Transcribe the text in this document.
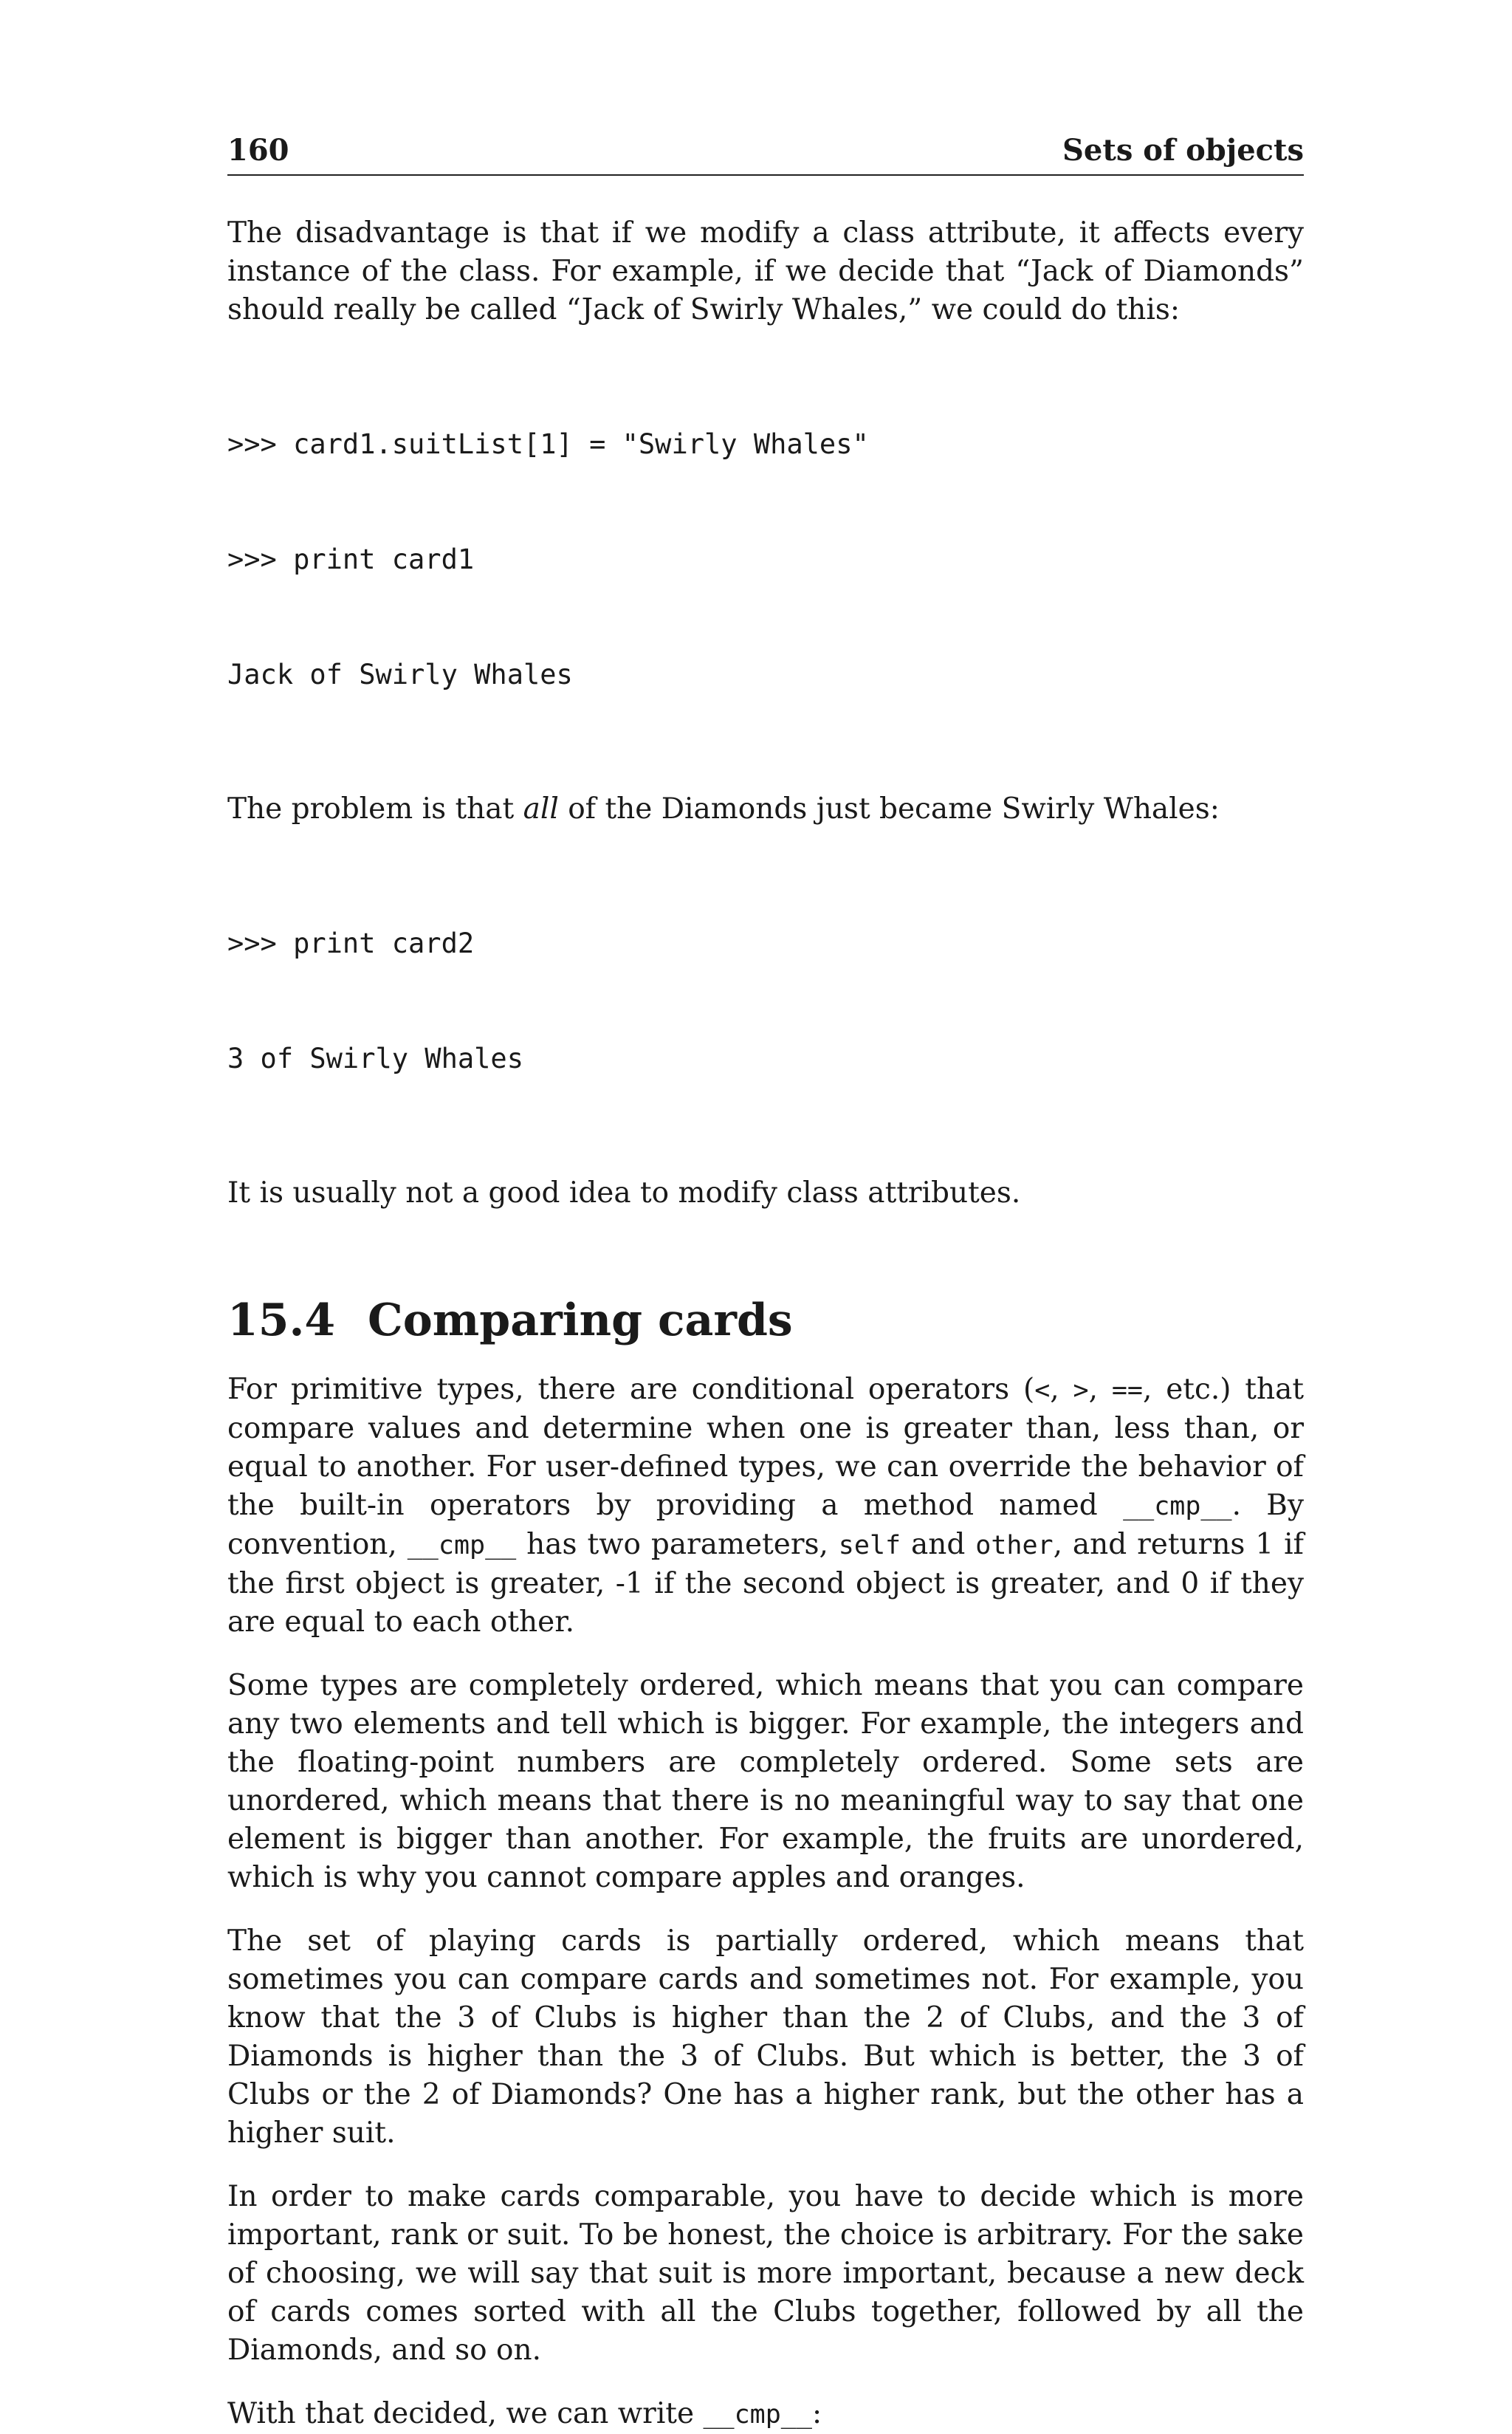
160	Sets of objects

The disadvantage is that if we modify a class attribute, it affects every instance of the class. For example, if we decide that “Jack of Diamonds” should really be called “Jack of Swirly Whales,” we could do this:

>>> card1.suitList[1] = "Swirly Whales"

>>> print card1

Jack of Swirly Whales

The problem is that all of the Diamonds just became Swirly Whales:

>>> print card2

3 of Swirly Whales

It is usually not a good idea to modify class attributes.

15.4 Comparing cards

For primitive types, there are conditional operators (<, >, ==, etc.) that compare values and determine when one is greater than, less than, or equal to another. For user-defined types, we can override the behavior of the built-in operators by providing a method named __cmp__. By convention, __cmp__ has two parameters, self and other, and returns 1 if the first object is greater, -1 if the second object is greater, and 0 if they are equal to each other.

Some types are completely ordered, which means that you can compare any two elements and tell which is bigger. For example, the integers and the floating-point numbers are completely ordered. Some sets are unordered, which means that there is no meaningful way to say that one element is bigger than another. For example, the fruits are unordered, which is why you cannot compare apples and oranges.

The set of playing cards is partially ordered, which means that sometimes you can compare cards and sometimes not. For example, you know that the 3 of Clubs is higher than the 2 of Clubs, and the 3 of Diamonds is higher than the 3 of Clubs. But which is better, the 3 of Clubs or the 2 of Diamonds? One has a higher rank, but the other has a higher suit.

In order to make cards comparable, you have to decide which is more important, rank or suit. To be honest, the choice is arbitrary. For the sake of choosing, we will say that suit is more important, because a new deck of cards comes sorted with all the Clubs together, followed by all the Diamonds, and so on.

With that decided, we can write __cmp__:
